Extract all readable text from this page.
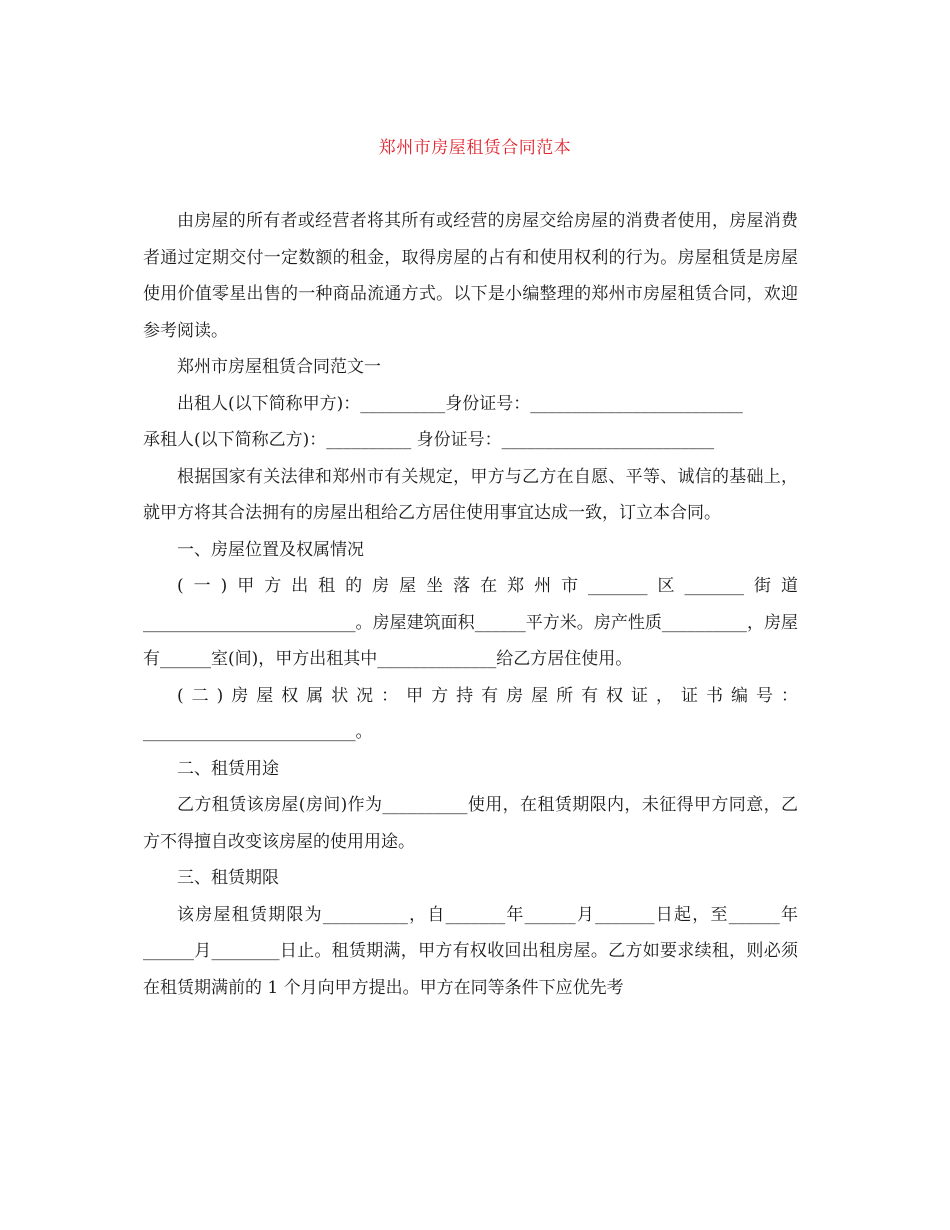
郑州市房屋租赁合同范本

由房屋的所有者或经营者将其所有或经营的房屋交给房屋的消费者使用，房屋消费者通过定期交付一定数额的租金，取得房屋的占有和使用权利的行为。房屋租赁是房屋使用价值零星出售的一种商品流通方式。以下是小编整理的郑州市房屋租赁合同，欢迎参考阅读。

郑州市房屋租赁合同范文一

出租人(以下简称甲方)：__________身份证号：_________________________

承租人(以下简称乙方)：__________ 身份证号：_________________________

根据国家有关法律和郑州市有关规定，甲方与乙方在自愿、平等、诚信的基础上，就甲方将其合法拥有的房屋出租给乙方居住使用事宜达成一致，订立本合同。

一、房屋位置及权属情况

(一)甲方出租的房屋坐落在郑州市_______区_______街道_________________________。房屋建筑面积______平方米。房产性质__________，房屋有______室(间)，甲方出租其中______________给乙方居住使用。

(二)房屋权属状况：甲方持有房屋所有权证，证书编号：_________________________。

二、租赁用途

乙方租赁该房屋(房间)作为__________使用，在租赁期限内，未征得甲方同意，乙方不得擅自改变该房屋的使用用途。

三、租赁期限

该房屋租赁期限为__________，自_______年______月_______日起，至______年______月________日止。租赁期满，甲方有权收回出租房屋。乙方如要求续租，则必须在租赁期满前的 1 个月向甲方提出。甲方在同等条件下应优先考
